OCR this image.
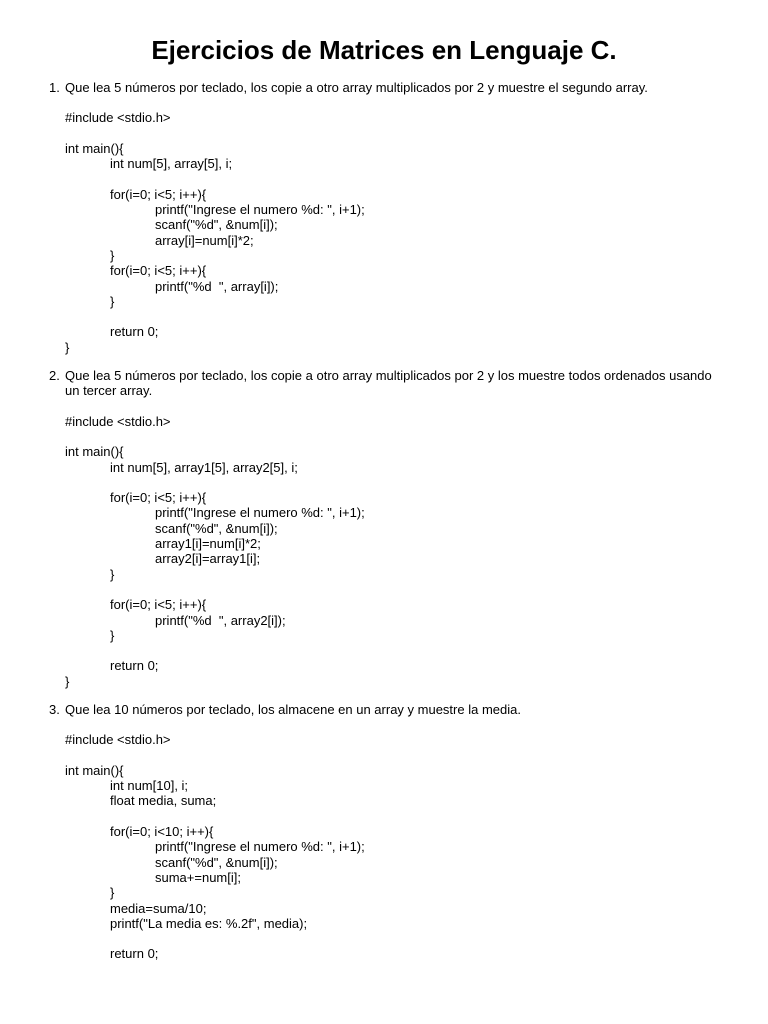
Ejercicios de Matrices en Lenguaje C.
1. Que lea 5 números por teclado, los copie a otro array multiplicados por 2 y muestre el segundo array.
#include <stdio.h>
int main(){
int num[5], array[5], i;
for(i=0; i<5; i++){
printf("Ingrese el numero %d: ", i+1);
scanf("%d", &num[i]);
array[i]=num[i]*2;
}
for(i=0; i<5; i++){
printf("%d  ", array[i]);
}
return 0;
}
2. Que lea 5 números por teclado, los copie a otro array multiplicados por 2 y los muestre todos ordenados usando un tercer array.
#include <stdio.h>
int main(){
int num[5], array1[5], array2[5], i;
for(i=0; i<5; i++){
printf("Ingrese el numero %d: ", i+1);
scanf("%d", &num[i]);
array1[i]=num[i]*2;
array2[i]=array1[i];
}
for(i=0; i<5; i++){
printf("%d  ", array2[i]);
}
return 0;
}
3. Que lea 10 números por teclado, los almacene en un array y muestre la media.
#include <stdio.h>
int main(){
int num[10], i;
float media, suma;
for(i=0; i<10; i++){
printf("Ingrese el numero %d: ", i+1);
scanf("%d", &num[i]);
suma+=num[i];
}
media=suma/10;
printf("La media es: %.2f", media);
return 0;
